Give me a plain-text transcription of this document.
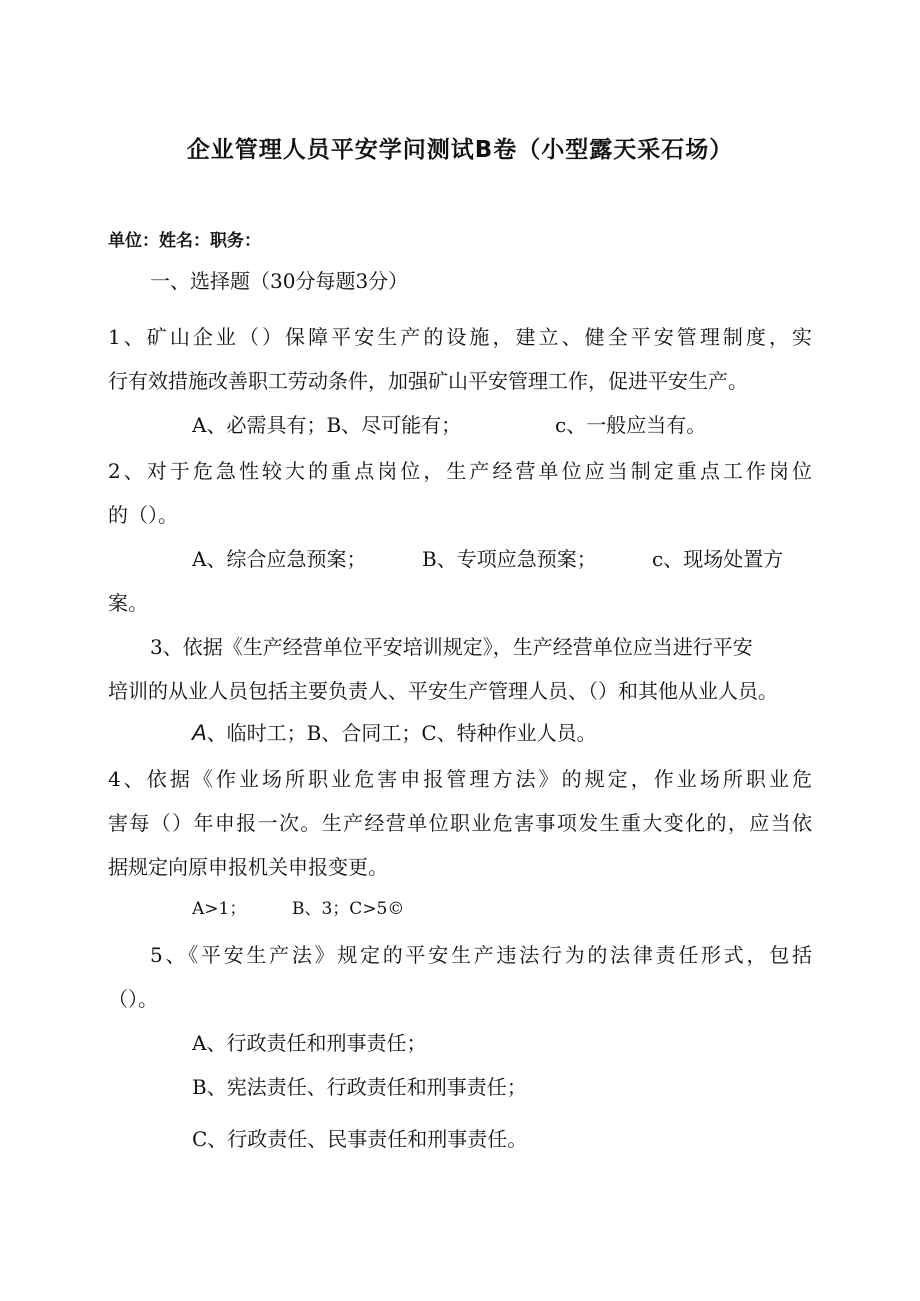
企业管理人员平安学问测试B卷（小型露天采石场）
单位：姓名：职务：
一、选择题（30分每题3分）
1、矿山企业（）保障平安生产的设施，建立、健全平安管理制度，实
行有效措施改善职工劳动条件，加强矿山平安管理工作，促进平安生产。
A、必需具有；B、尽可能有；	c、一般应当有。
2、对于危急性较大的重点岗位，生产经营单位应当制定重点工作岗位
的（）。
A、综合应急预案；	B、专项应急预案；	c、现场处置方
案。
3、依据《生产经营单位平安培训规定》，生产经营单位应当进行平安
培训的从业人员包括主要负责人、平安生产管理人员、（）和其他从业人员。
A、临时工；B、合同工；C、特种作业人员。
4、依据《作业场所职业危害申报管理方法》的规定，作业场所职业危
害每（）年申报一次。生产经营单位职业危害事项发生重大变化的，应当依
据规定向原申报机关申报变更。
A>1；	B、3；C>5©
5、《平安生产法》规定的平安生产违法行为的法律责任形式，包括
（）。
A、行政责任和刑事责任；
B、宪法责任、行政责任和刑事责任；
C、行政责任、民事责任和刑事责任。
